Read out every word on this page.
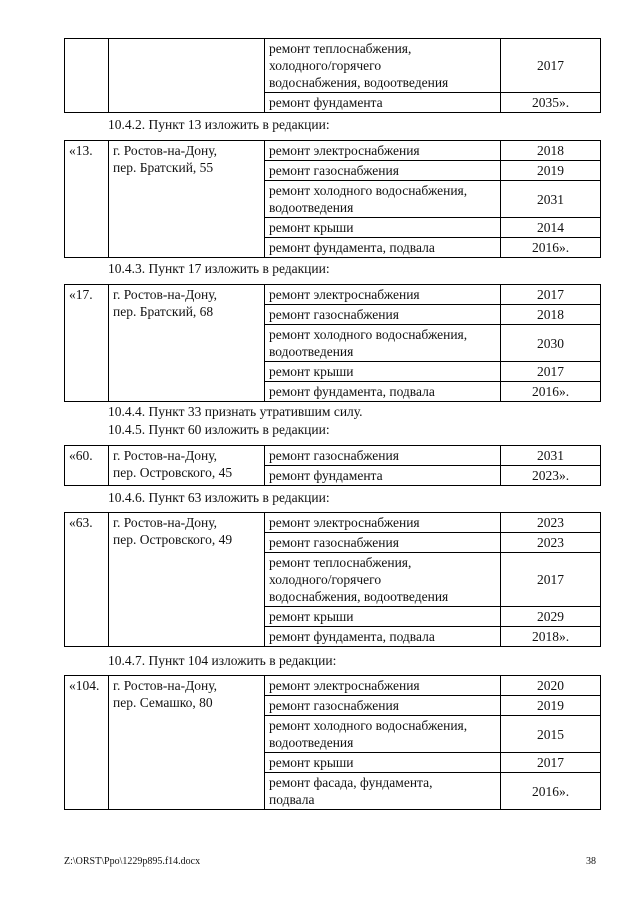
		ремонт теплоснабжения,
холодного/горячего
водоснабжения, водоотведения	2017

		ремонт фундамента	2035».
«13.	г. Ростов-на-Дону,
пер. Братский, 55	ремонт электроснабжения	2018

		ремонт газоснабжения	2019

		ремонт холодного водоснабжения,
водоотведения	2031

		ремонт крыши	2014

		ремонт фундамента, подвала	2016».
«17.	г. Ростов-на-Дону,
пер. Братский, 68	ремонт электроснабжения	2017

		ремонт газоснабжения	2018

		ремонт холодного водоснабжения,
водоотведения	2030

		ремонт крыши	2017

		ремонт фундамента, подвала	2016».
«60.	г. Ростов-на-Дону,
пер. Островского, 45	ремонт газоснабжения	2031

		ремонт фундамента	2023».
«63.	г. Ростов-на-Дону,
пер. Островского, 49	ремонт электроснабжения	2023

		ремонт газоснабжения	2023

		ремонт теплоснабжения,
холодного/горячего
водоснабжения, водоотведения	2017

		ремонт крыши	2029

		ремонт фундамента, подвала	2018».
«104.	г. Ростов-на-Дону,
пер. Семашко, 80	ремонт электроснабжения	2020

		ремонт газоснабжения	2019

		ремонт холодного водоснабжения,
водоотведения	2015

		ремонт крыши	2017

		ремонт фасада, фундамента,
подвала	2016».
10.4.2. Пункт 13 изложить в редакции:
10.4.3. Пункт 17 изложить в редакции:
10.4.4. Пункт 33 признать утратившим силу.
10.4.5. Пункт 60 изложить в редакции:
10.4.6. Пункт 63 изложить в редакции:
10.4.7. Пункт 104 изложить в редакции:
Z:\ORST\Ppo\1229p895.f14.docx	38
